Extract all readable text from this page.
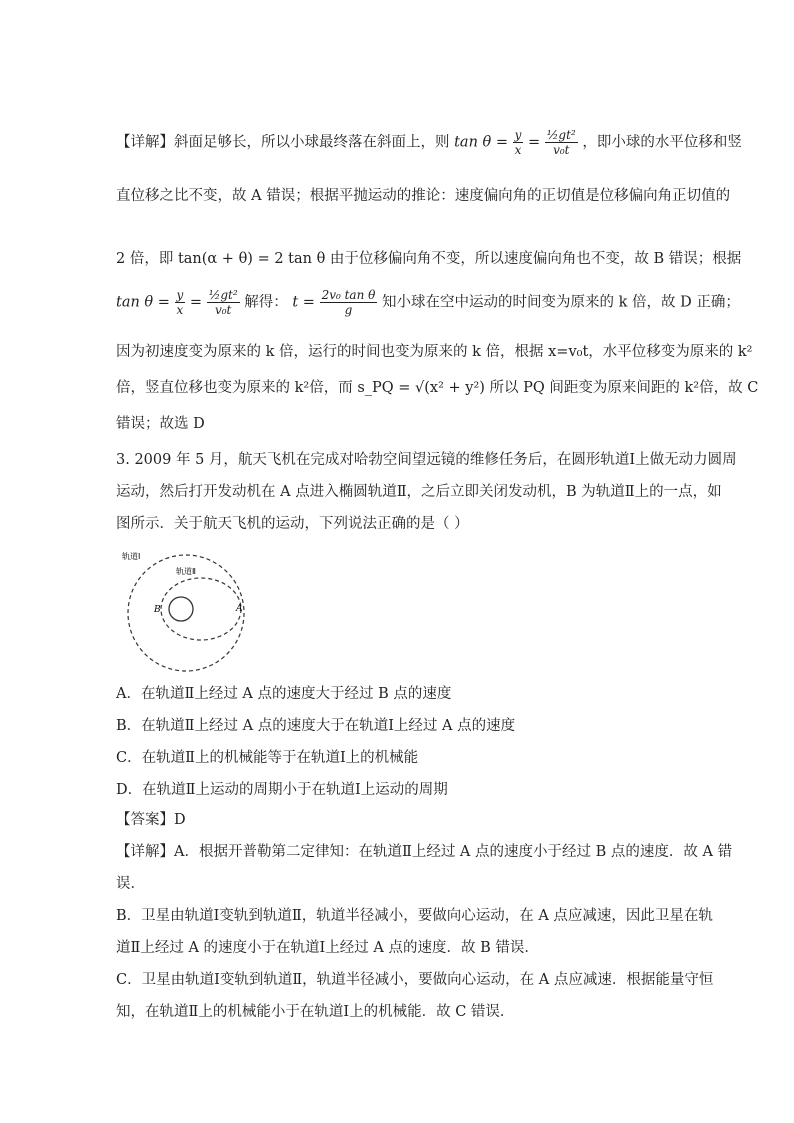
【详解】斜面足够长，所以小球最终落在斜面上，则 $\tan \theta = \frac{y}{x} = \frac{\text{½gt²}}{\text{v₀t}}$ ，即小球的水平位移和竖
直位移之比不变，故 A 错误；根据平抛运动的推论：速度偏向角的正切值是位移偏向角正切值的
2 倍，即 tan(α + θ) = 2 tan θ 由于位移偏向角不变，所以速度偏向角也不变，故 B 错误；根据
$\tan \theta = \frac{y}{x} = \frac{\text{½gt²}}{\text{v₀t}}$ 解得： $t = \frac{\text{2v₀ tan θ}}{g}$ 知小球在空中运动的时间变为原来的 k 倍，故 D 正确；
因为初速度变为原来的 k 倍，运行的时间也变为原来的 k 倍，根据 x=v₀t，水平位移变为原来的 k²
倍，竖直位移也变为原来的 k²倍，而 s_PQ = √(x² + y²) 所以 PQ 间距变为原来间距的 k²倍，故 C
错误；故选 D
3. 2009 年 5 月，航天飞机在完成对哈勃空间望远镜的维修任务后，在圆形轨道Ⅰ上做无动力圆周
运动，然后打开发动机在 A 点进入椭圆轨道Ⅱ，之后立即关闭发动机，B 为轨道Ⅱ上的一点，如
图所示．关于航天飞机的运动，下列说法正确的是（ ）
轨道Ⅰ
轨道Ⅱ
A
B
A．在轨道Ⅱ上经过 A 点的速度大于经过 B 点的速度
B．在轨道Ⅱ上经过 A 点的速度大于在轨道Ⅰ上经过 A 点的速度
C．在轨道Ⅱ上的机械能等于在轨道Ⅰ上的机械能
D．在轨道Ⅱ上运动的周期小于在轨道Ⅰ上运动的周期
【答案】D
【详解】A．根据开普勒第二定律知：在轨道Ⅱ上经过 A 点的速度小于经过 B 点的速度．故 A 错
误．
B．卫星由轨道Ⅰ变轨到轨道Ⅱ，轨道半径减小，要做向心运动，在 A 点应减速，因此卫星在轨
道Ⅱ上经过 A 的速度小于在轨道Ⅰ上经过 A 点的速度．故 B 错误．
C．卫星由轨道Ⅰ变轨到轨道Ⅱ，轨道半径减小，要做向心运动，在 A 点应减速．根据能量守恒
知，在轨道Ⅱ上的机械能小于在轨道Ⅰ上的机械能．故 C 错误．
